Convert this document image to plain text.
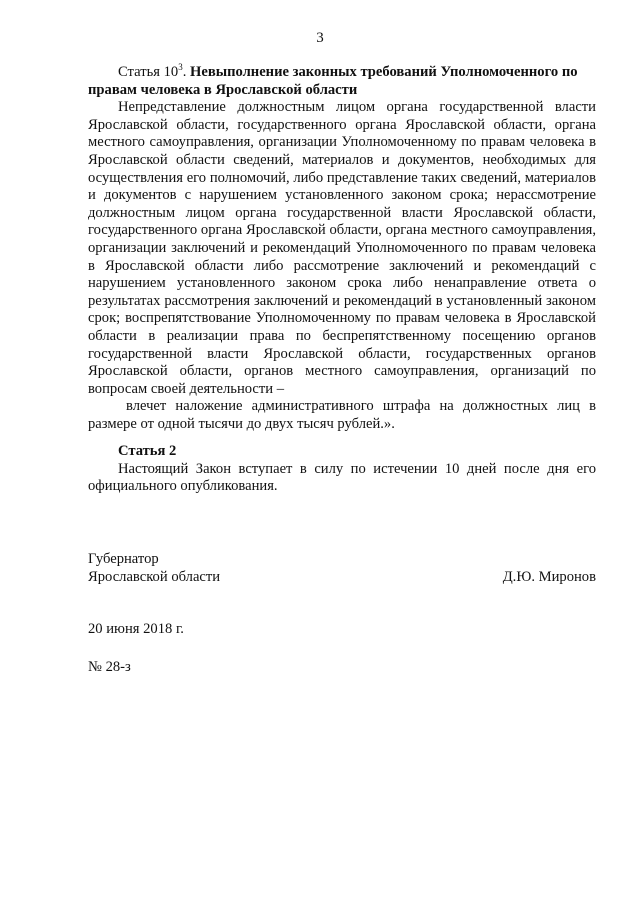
3
Статья $10^3$. Невыполнение законных требований Уполномоченного по правам человека в Ярославской области

Непредставление должностным лицом органа государственной власти Ярославской области, государственного органа Ярославской области, органа местного самоуправления, организации Уполномоченному по правам человека в Ярославской области сведений, материалов и документов, необходимых для осуществления его полномочий, либо представление таких сведений, материалов и документов с нарушением установленного законом срока; нерассмотрение должностным лицом органа государственной власти Ярославской области, государственного органа Ярославской области, органа местного самоуправления, организации заключений и рекомендаций Уполномоченного по правам человека в Ярославской области либо рассмотрение заключений и рекомендаций с нарушением установленного законом срока либо ненаправление ответа о результатах рассмотрения заключений и рекомендаций в установленный законом срок; воспрепятствование Уполномоченному по правам человека в Ярославской области в реализации права по беспрепятственному посещению органов государственной власти Ярославской области, государственных органов Ярославской области, органов местного самоуправления, организаций по вопросам своей деятельности –

влечет наложение административного штрафа на должностных лиц в размере от одной тысячи до двух тысяч рублей.».

Статья 2

Настоящий Закон вступает в силу по истечении 10 дней после дня его официального опубликования.

Губернатор
Ярославской области	Д.Ю. Миронов
20 июня 2018 г.
№ 28-з
